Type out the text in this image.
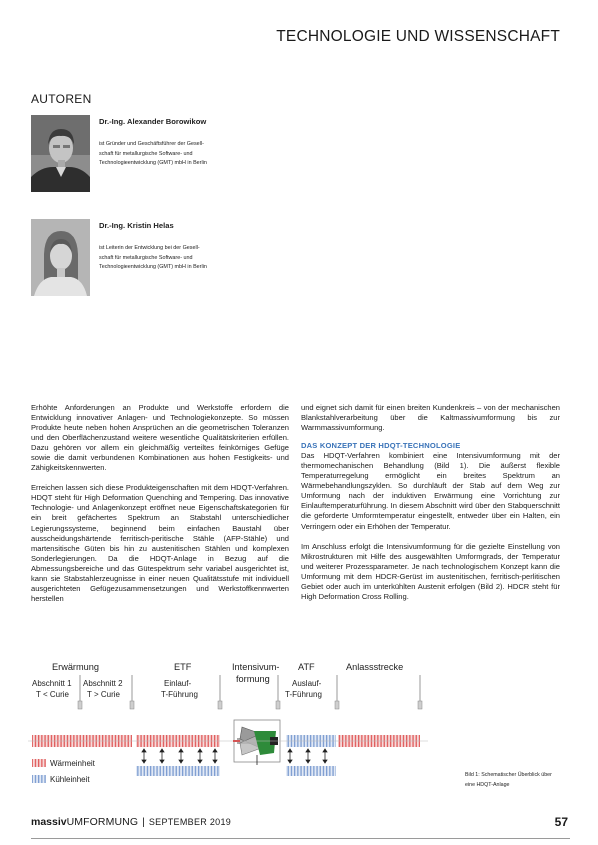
TECHNOLOGIE UND WISSENSCHAFT
AUTOREN
Dr.-Ing. Alexander Borowikow
ist Gründer und Geschäftsführer der Gesell-
schaft für metallurgische Software- und
Technologieentwicklung (GMT) mbH in Berlin
Dr.-Ing. Kristin Helas
ist Leiterin der Entwicklung bei der Gesell-
schaft für metallurgische Software- und
Technologieentwicklung (GMT) mbH in Berlin

Erhöhte Anforderungen an Produkte und Werkstoffe erfordern die Entwicklung innovativer Anlagen- und Technologiekonzepte. So müssen Produkte heute neben hohen Ansprüchen an die geometrischen Toleranzen und den Oberflächenzustand weitere wesentliche Qualitätskriterien erfüllen. Dazu gehören vor allem ein gleichmäßig verteiltes feinkörniges Gefüge sowie die damit verbundenen Kombinationen aus hohen Festigkeits- und Zähigkeitskennwerten.

Erreichen lassen sich diese Produkteigenschaften mit dem HDQT-Verfahren. HDQT steht für High Deformation Quenching and Tempering. Das innovative Technologie- und Anlagenkonzept eröffnet neue Eigenschaftskategorien für ein breit gefächertes Spektrum an Stabstahl unterschiedlicher Legierungssysteme, beginnend beim einfachen Baustahl über ausscheidungshärtende ferritisch-peritische Stähle (AFP-Stähle) und martensitische Güten bis hin zu austenitischen Stählen und komplexen Sonderlegierungen. Da die HDQT-Anlage in Bezug auf die Abmessungsbereiche und das Gütespektrum sehr variabel ausgerichtet ist, kann sie Stabstahlerzeugnisse in einer neuen Qualitätsstufe mit individuell ausgerichteten Gefügezusammensetzungen und Werkstoffkennwerten herstellen

und eignet sich damit für einen breiten Kundenkreis – von der mechanischen Blankstahlverarbeitung über die Kaltmassivumformung bis zur Warmmassivumformung.

DAS KONZEPT DER HDQT-TECHNOLOGIE

Das HDQT-Verfahren kombiniert eine Intensivumformung mit der thermomechanischen Behandlung (Bild 1). Die äußerst flexible Temperaturregelung ermöglicht ein breites Spektrum an Wärmebehandlungszyklen. So durchläuft der Stab auf dem Weg zur Umformung nach der induktiven Erwärmung eine Vorrichtung zur Einlauftemperaturführung. In diesem Abschnitt wird über den Stabquerschnitt die geforderte Umformtemperatur eingestellt, entweder über ein Halten, ein Verringern oder ein Erhöhen der Temperatur.

Im Anschluss erfolgt die Intensivumformung für die gezielte Einstellung von Mikrostrukturen mit Hilfe des ausgewählten Umformgrads, der Temperatur und weiterer Prozessparameter. Je nach technologischem Konzept kann die Umformung mit dem HDCR-Gerüst im austenitischen, ferritisch-perlitischen Gebiet oder auch im unterkühlten Austenit erfolgen (Bild 2). HDCR steht für High Deformation Cross Rolling.

Erwärmung
Abschnitt 1
T < Curie
Abschnitt 2
T > Curie
ETF
Einlauf-
T-Führung
Intensivum-
formung
ATF
Auslauf-
T-Führung
Anlassstrecke
Wärmeinheit
Kühleinheit	Bild 1: Schematischer Überblick über
eine HDQT-Anlage
massivUMFORMUNG | SEPTEMBER 2019	57
